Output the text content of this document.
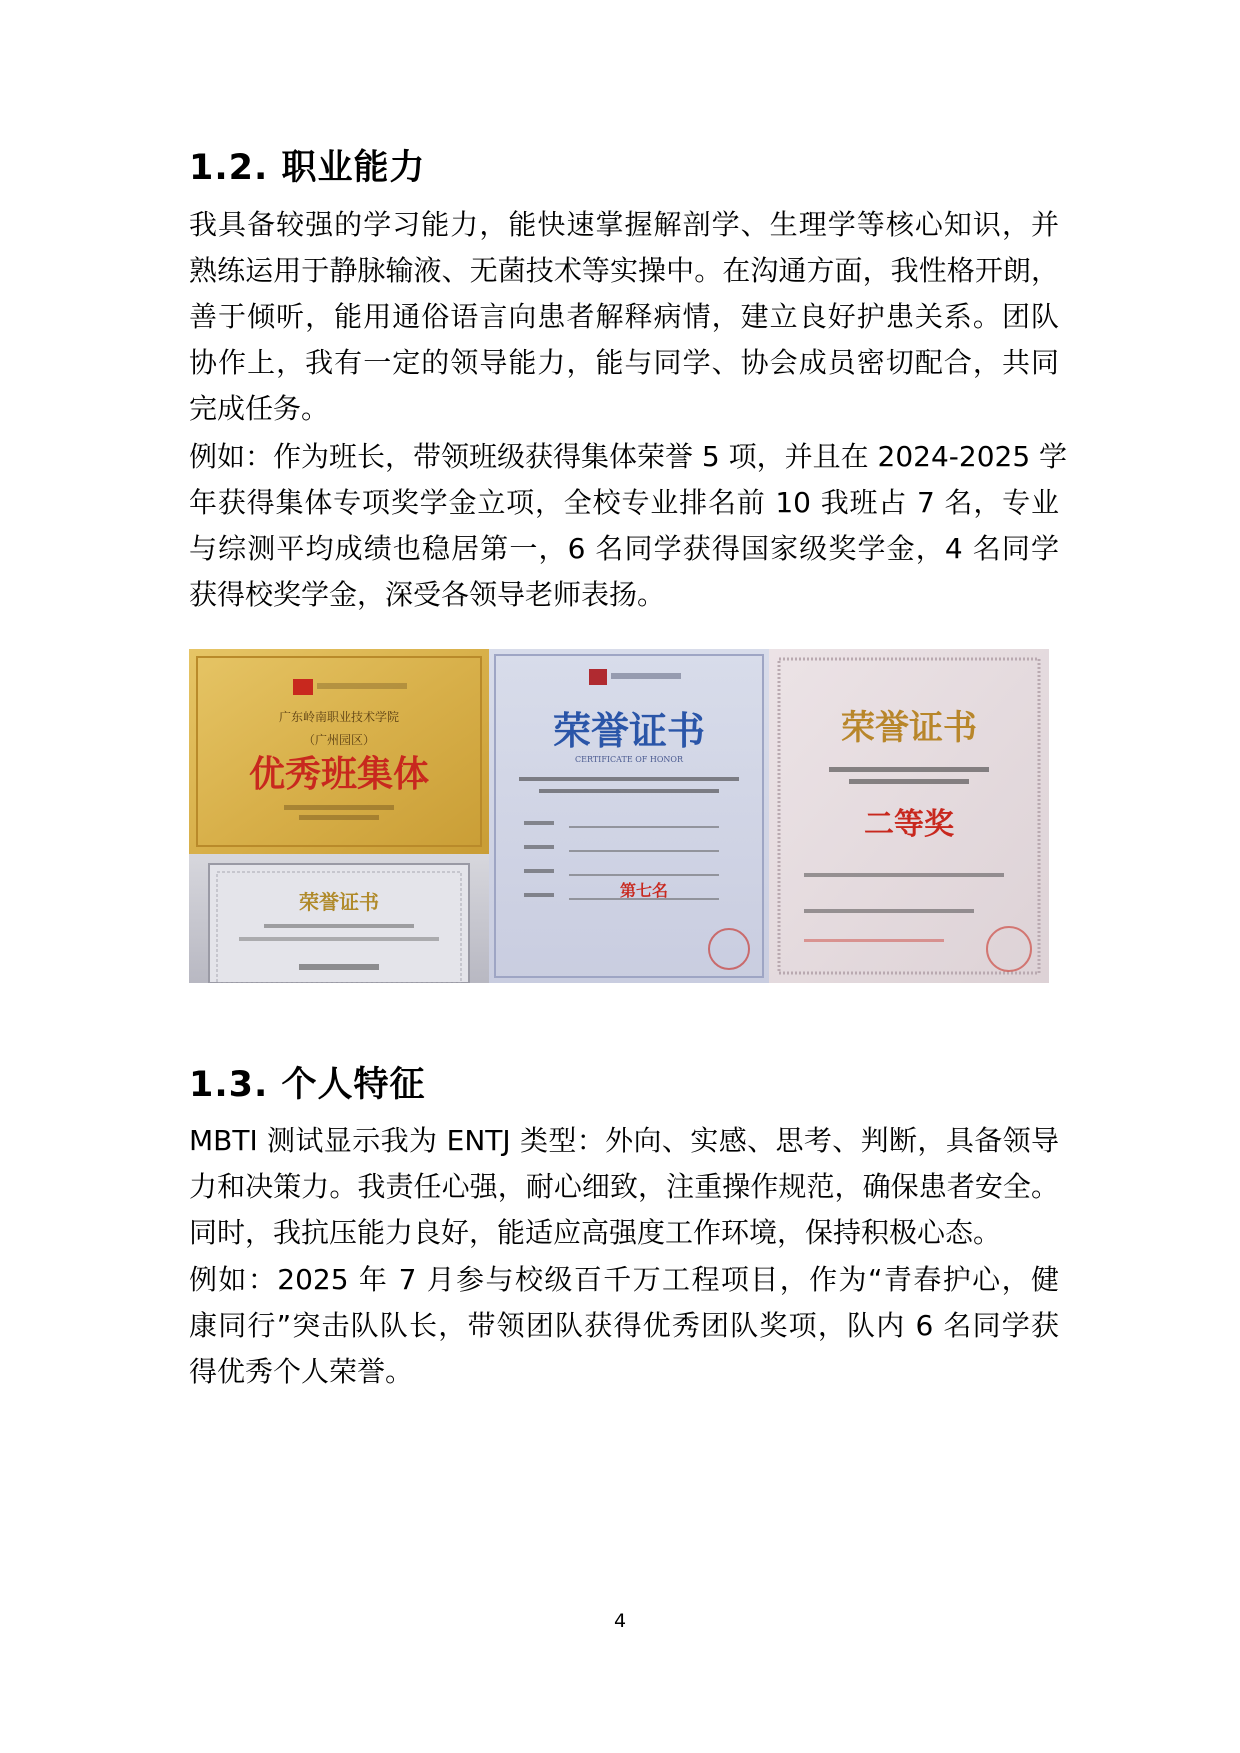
1.2. 职业能力
我具备较强的学习能力，能快速掌握解剖学、生理学等核心知识，并
熟练运用于静脉输液、无菌技术等实操中。在沟通方面，我性格开朗，
善于倾听，能用通俗语言向患者解释病情，建立良好护患关系。团队
协作上，我有一定的领导能力，能与同学、协会成员密切配合，共同
完成任务。
例如：作为班长，带领班级获得集体荣誉 5 项，并且在 2024-2025 学
年获得集体专项奖学金立项，全校专业排名前 10 我班占 7 名，专业
与综测平均成绩也稳居第一，6 名同学获得国家级奖学金，4 名同学
获得校奖学金，深受各领导老师表扬。
广东岭南职业技术学院
（广州园区）
优秀班集体
荣誉证书
荣誉证书
CERTIFICATE OF HONOR
第七名
荣誉证书
二等奖
1.3. 个人特征
MBTI 测试显示我为 ENTJ 类型：外向、实感、思考、判断，具备领导
力和决策力。我责任心强，耐心细致，注重操作规范，确保患者安全。
同时，我抗压能力良好，能适应高强度工作环境，保持积极心态。
例如：2025 年 7 月参与校级百千万工程项目，作为“青春护心，健
康同行”突击队队长，带领团队获得优秀团队奖项，队内 6 名同学获
得优秀个人荣誉。
4
